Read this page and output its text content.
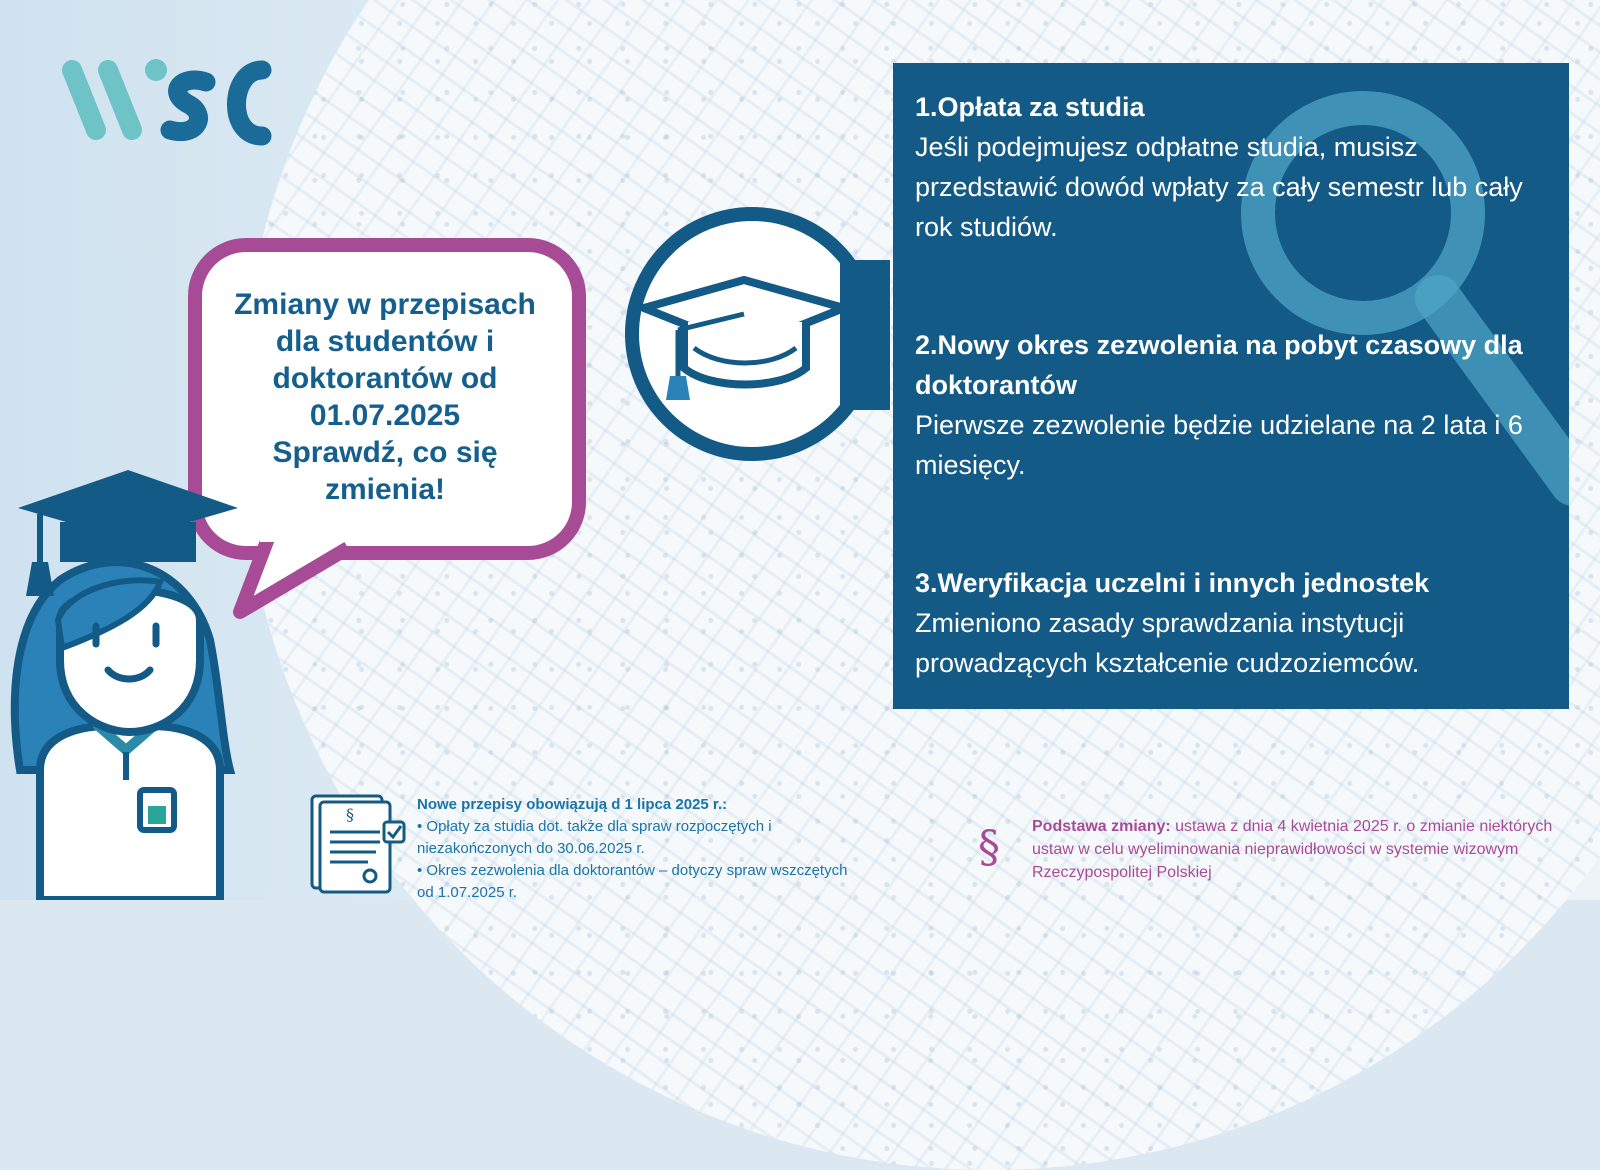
Zmiany w przepisach
dla studentów i
doktorantów od
01.07.2025
Sprawdź, co się
zmienia!
1.Opłata za studia
Jeśli podejmujesz odpłatne studia, musisz przedstawić dowód wpłaty za cały semestr lub cały rok studiów.
2.Nowy okres zezwolenia na pobyt czasowy dla doktorantów
Pierwsze zezwolenie będzie udzielane na 2 lata i 6 miesięcy.
3.Weryfikacja uczelni i innych jednostek
Zmieniono zasady sprawdzania instytucji prowadzących kształcenie cudzoziemców.
§
Nowe przepisy obowiązują d 1 lipca 2025 r.:
• Opłaty za studia dot. także dla spraw rozpoczętych i
niezakończonych do 30.06.2025 r.
• Okres zezwolenia dla doktorantów – dotyczy spraw wszczętych
od 1.07.2025 r.
§	Podstawa zmiany: ustawa z dnia 4 kwietnia 2025 r. o zmianie niektórych ustaw w celu wyeliminowania nieprawidłowości w systemie wizowym Rzeczypospolitej Polskiej
